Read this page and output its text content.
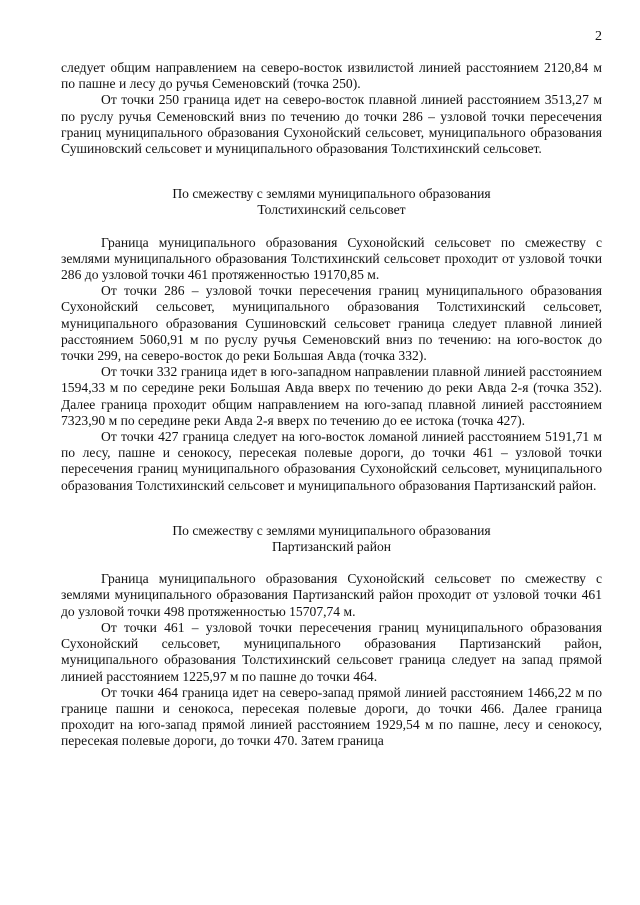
2

следует общим направлением на северо-восток извилистой линией расстоянием 2120,84 м по пашне и лесу до ручья Семеновский (точка 250).

От точки 250 граница идет на северо-восток плавной линией расстоянием 3513,27 м по руслу ручья Семеновский вниз по течению до точки 286 – узловой точки пересечения границ муниципального образования Сухонойский сельсовет, муниципального образования Сушиновский сельсовет и муниципального образования Толстихинский сельсовет.

По смежеству с землями муниципального образования

Толстихинский сельсовет

Граница муниципального образования Сухонойский сельсовет по смежеству с землями муниципального образования Толстихинский сельсовет проходит от узловой точки 286 до узловой точки 461 протяженностью 19170,85 м.

От точки 286 – узловой точки пересечения границ муниципального образования Сухонойский сельсовет, муниципального образования Толстихинский сельсовет, муниципального образования Сушиновский сельсовет граница следует плавной линией расстоянием 5060,91 м по руслу ручья Семеновский вниз по течению: на юго-восток до точки 299, на северо-восток до реки Большая Авда (точка 332).

От точки 332 граница идет в юго-западном направлении плавной линией расстоянием 1594,33 м по середине реки Большая Авда вверх по течению до реки Авда 2-я (точка 352). Далее граница проходит общим направлением на юго-запад плавной линией расстоянием 7323,90 м по середине реки Авда 2-я вверх по течению до ее истока (точка 427).

От точки 427 граница следует на юго-восток ломаной линией расстоянием 5191,71 м по лесу, пашне и сенокосу, пересекая полевые дороги, до точки 461 – узловой точки пересечения границ муниципального образования Сухонойский сельсовет, муниципального образования Толстихинский сельсовет и муниципального образования Партизанский район.

По смежеству с землями муниципального образования

Партизанский район

Граница муниципального образования Сухонойский сельсовет по смежеству с землями муниципального образования Партизанский район проходит от узловой точки 461 до узловой точки 498 протяженностью 15707,74 м.

От точки 461 – узловой точки пересечения границ муниципального образования Сухонойский сельсовет, муниципального образования Партизанский район, муниципального образования Толстихинский сельсовет граница следует на запад прямой линией расстоянием 1225,97 м по пашне до точки 464.

От точки 464 граница идет на северо-запад прямой линией расстоянием 1466,22 м по границе пашни и сенокоса, пересекая полевые дороги, до точки 466. Далее граница проходит на юго-запад прямой линией расстоянием 1929,54 м по пашне, лесу и сенокосу, пересекая полевые дороги, до точки 470. Затем граница
